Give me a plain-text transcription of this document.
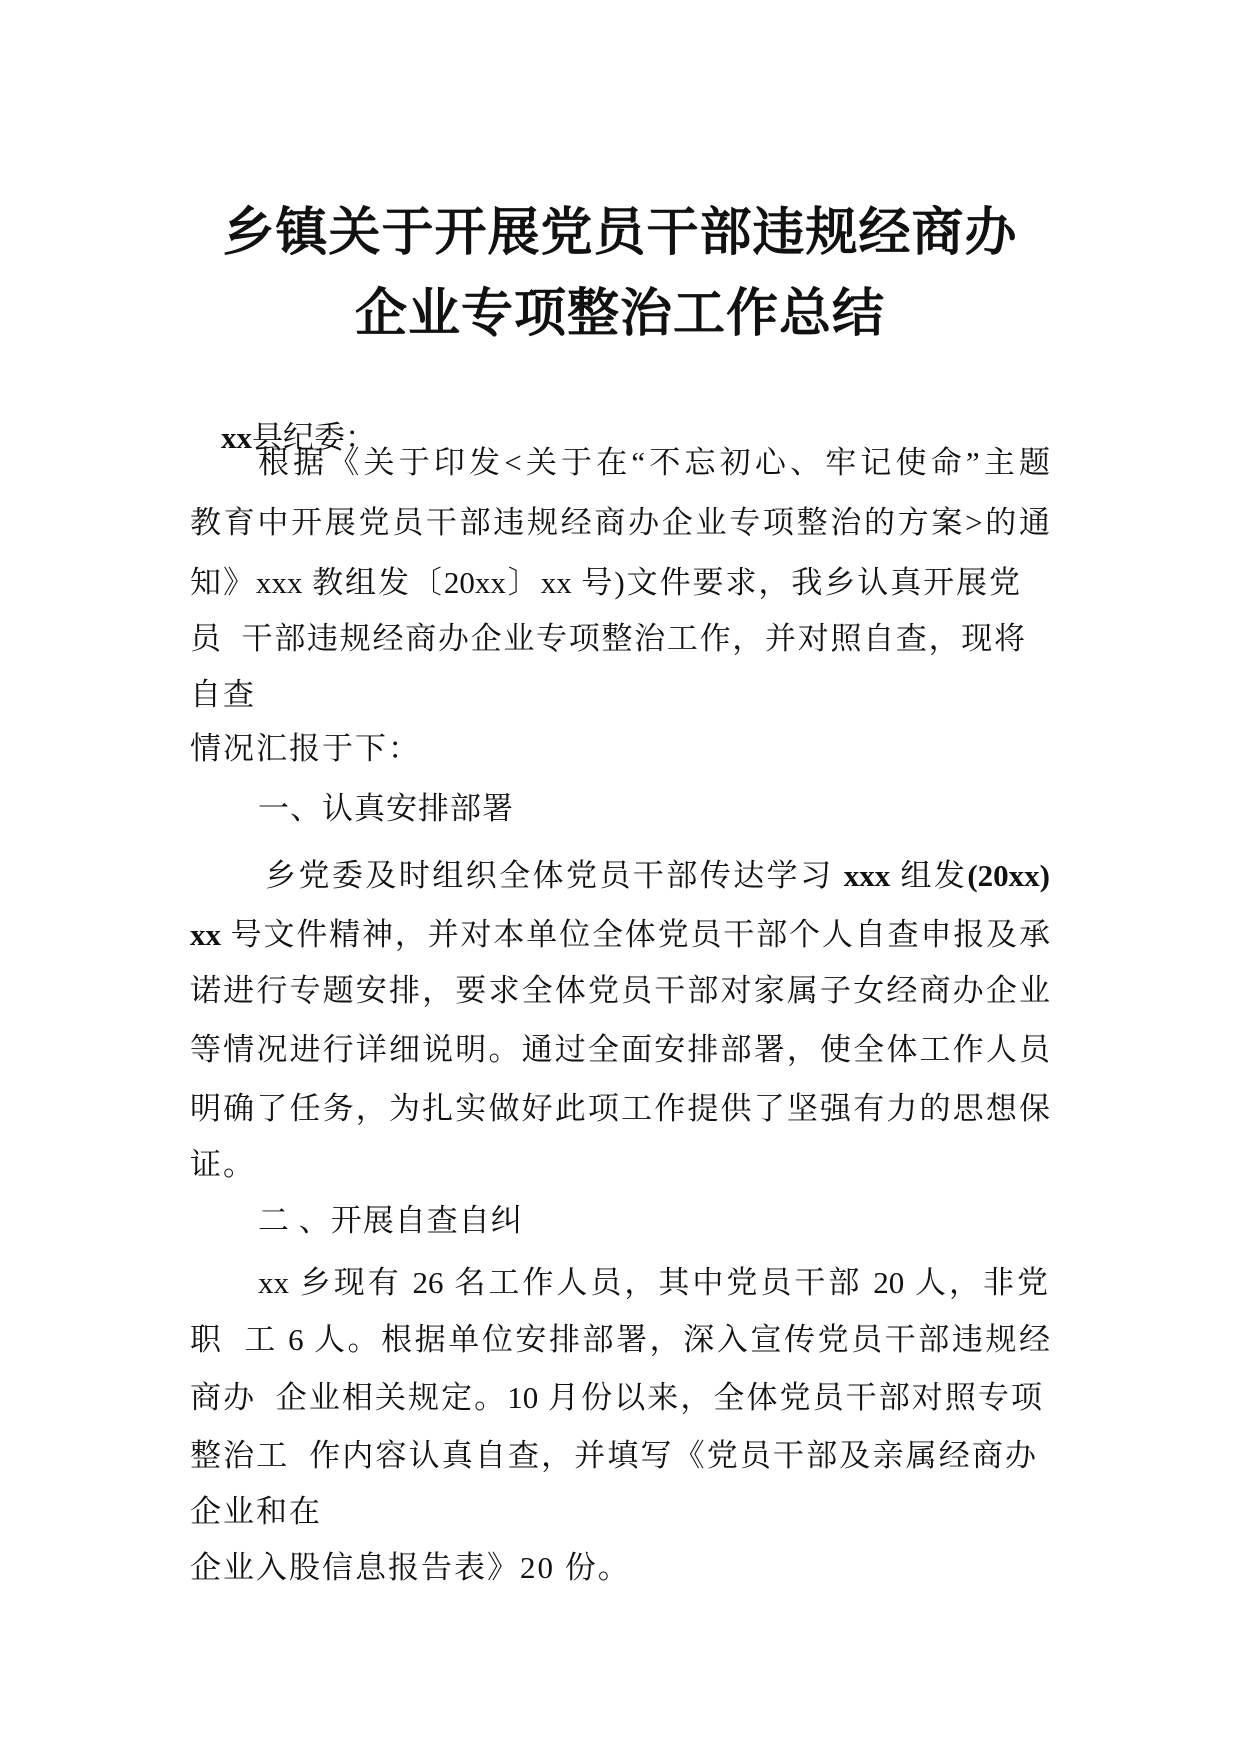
乡镇关于开展党员干部违规经商办
企业专项整治工作总结

xx县纪委：

根据《关于印发<关于在“不忘初心、牢记使命”主题

教育中开展党员干部违规经商办企业专项整治的方案>的通

知》xxx 教组发〔20xx〕xx 号)文件要求，我乡认真开展党

员  干部违规经商办企业专项整治工作，并对照自查，现将

自查

情况汇报于下：

一、认真安排部署

乡党委及时组织全体党员干部传达学习 xxx 组发(20xx)

xx 号文件精神，并对本单位全体党员干部个人自查申报及承

诺进行专题安排，要求全体党员干部对家属子女经商办企业

等情况进行详细说明。通过全面安排部署，使全体工作人员

明确了任务，为扎实做好此项工作提供了坚强有力的思想保

证。

二 、开展自查自纠

xx 乡现有 26 名工作人员，其中党员干部 20 人，非党

职  工 6 人。根据单位安排部署，深入宣传党员干部违规经

商办  企业相关规定。10 月份以来，全体党员干部对照专项

整治工  作内容认真自查，并填写《党员干部及亲属经商办

企业和在

企业入股信息报告表》20 份。
